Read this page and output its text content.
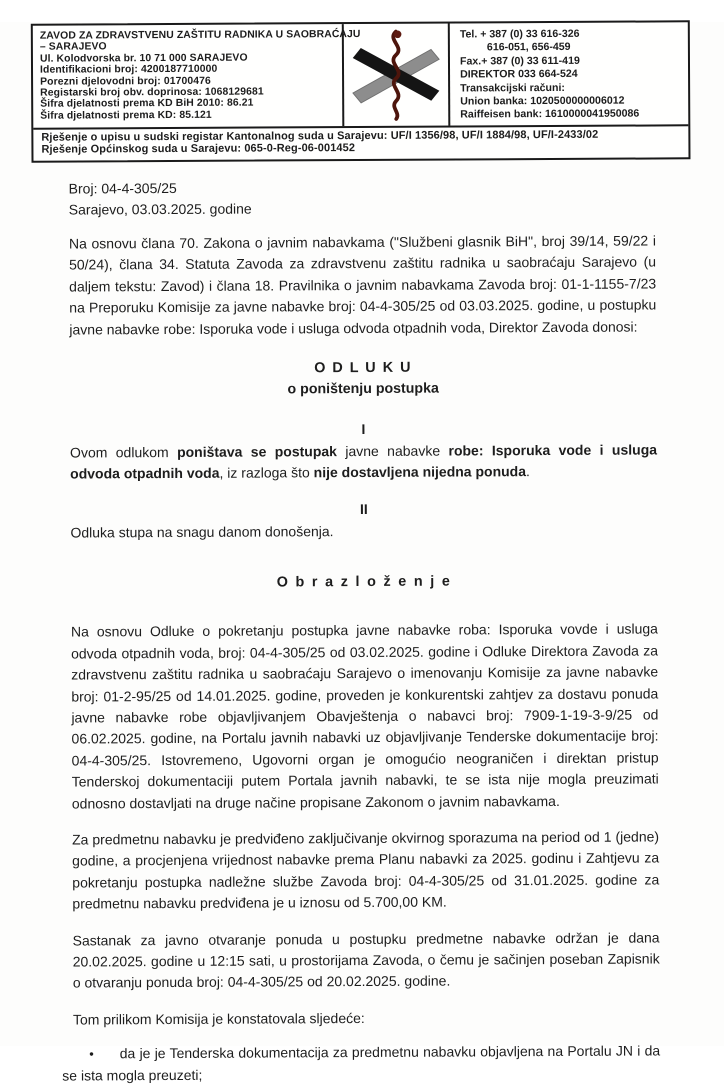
ZAVOD ZA ZDRAVSTVENU ZAŠTITU RADNIKA U SAOBRAĆAJU
– SARAJEVO
Ul. Kolodvorska br. 10 71 000 SARAJEVO
Identifikacioni broj: 4200187710000
Porezni djelovodni broj: 01700476
Registarski broj obv. doprinosa: 1068129681
Šifra djelatnosti prema KD BiH 2010: 86.21
Šifra djelatnosti prema KD: 85.121
Tel. + 387 (0) 33 616-326
616-051, 656-459
Fax.+ 387 (0) 33 611-419
DIREKTOR 033 664-524
Transakcijski računi:
Union banka: 1020500000006012
Raiffeisen bank: 1610000041950086
Rješenje o upisu u sudski registar Kantonalnog suda u Sarajevu: UF/I 1356/98, UF/I 1884/98, UF/I-2433/02
Rješenje Općinskog suda u Sarajevu: 065-0-Reg-06-001452
Broj: 04-4-305/25
Sarajevo, 03.03.2025. godine

Na osnovu člana 70. Zakona o javnim nabavkama ("Službeni glasnik BiH", broj 39/14, 59/22 i 50/24), člana 34. Statuta Zavoda za zdravstvenu zaštitu radnika u saobraćaju Sarajevo (u daljem tekstu: Zavod) i člana 18. Pravilnika o javnim nabavkama Zavoda broj: 01-1-1155-7/23 na Preporuku Komisije za javne nabavke broj: 04-4-305/25 od 03.03.2025. godine, u postupku javne nabavke robe: Isporuka vode i usluga odvoda otpadnih voda, Direktor Zavoda donosi:

O D L U K U
o poništenju postupka
I

Ovom odlukom poništava se postupak javne nabavke robe: Isporuka vode i usluga odvoda otpadnih voda, iz razloga što nije dostavljena nijedna ponuda.

II

Odluka stupa na snagu danom donošenja.

O b r a z l o ž e n j e

Na osnovu Odluke o pokretanju postupka javne nabavke roba: Isporuka vovde i usluga odvoda otpadnih voda, broj: 04-4-305/25 od 03.02.2025. godine i Odluke Direktora Zavoda za zdravstvenu zaštitu radnika u saobraćaju Sarajevo o imenovanju Komisije za javne nabavke broj: 01-2-95/25 od 14.01.2025. godine, proveden je konkurentski zahtjev za dostavu ponuda javne nabavke robe objavljivanjem Obavještenja o nabavci broj: 7909-1-19-3-9/25 od 06.02.2025. godine, na Portalu javnih nabavki uz objavljivanje Tenderske dokumentacije broj: 04-4-305/25. Istovremeno, Ugovorni organ je omogućio neograničen i direktan pristup Tenderskoj dokumentaciji putem Portala javnih nabavki, te se ista nije mogla preuzimati odnosno dostavljati na druge načine propisane Zakonom o javnim nabavkama.

Za predmetnu nabavku je predviđeno zaključivanje okvirnog sporazuma na period od 1 (jedne) godine, a procjenjena vrijednost nabavke prema Planu nabavki za 2025. godinu i Zahtjevu za pokretanju postupka nadležne službe Zavoda broj: 04-4-305/25 od 31.01.2025. godine za predmetnu nabavku predviđena je u iznosu od 5.700,00 KM.

Sastanak za javno otvaranje ponuda u postupku predmetne nabavke održan je dana 20.02.2025. godine u 12:15 sati, u prostorijama Zavoda, o čemu je sačinjen poseban Zapisnik o otvaranju ponuda broj: 04-4-305/25 od 20.02.2025. godine.

Tom prilikom Komisija je konstatovala sljedeće:

• da je je Tenderska dokumentacija za predmetnu nabavku objavljena na Portalu JN i da se ista mogla preuzeti;
